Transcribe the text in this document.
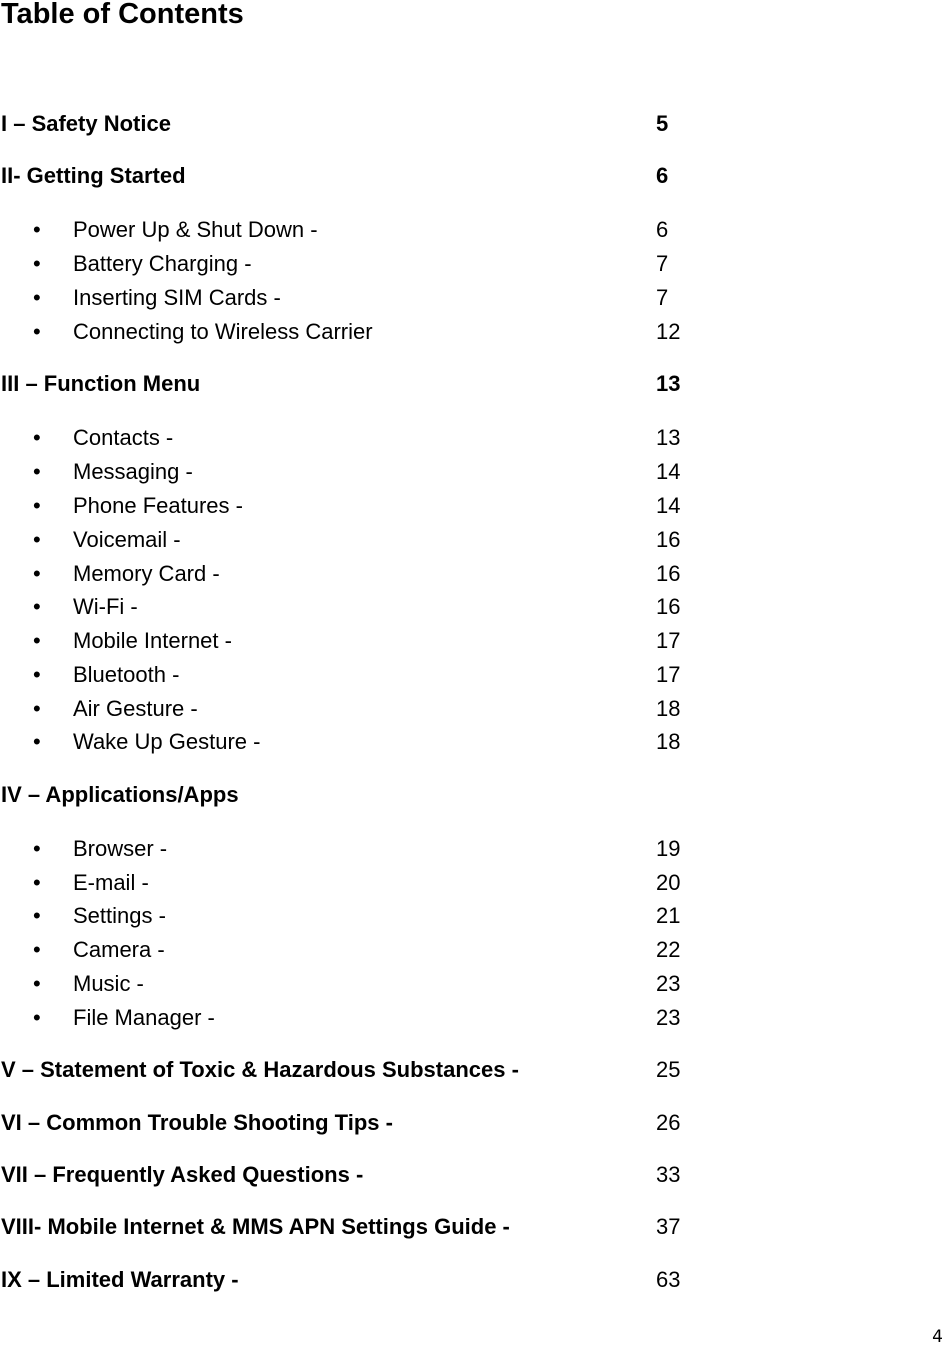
Table of Contents
I – Safety Notice	5
II- Getting Started	6
• Power Up & Shut Down -	6
• Battery Charging -	7
• Inserting SIM Cards -	7
• Connecting to Wireless Carrier	12
III – Function Menu	13
• Contacts -	13
• Messaging -	14
• Phone Features -	14
• Voicemail -	16
• Memory Card -	16
• Wi-Fi -	16
• Mobile Internet -	17
• Bluetooth -	17
• Air Gesture -	18
• Wake Up Gesture -	18
IV – Applications/Apps
• Browser -	19
• E-mail -	20
• Settings -	21
• Camera -	22
• Music -	23
• File Manager -	23
V – Statement of Toxic & Hazardous Substances -	25
VI – Common Trouble Shooting Tips -	26
VII – Frequently Asked Questions -	33
VIII- Mobile Internet & MMS APN Settings Guide -	37
IX – Limited Warranty -	63
4
